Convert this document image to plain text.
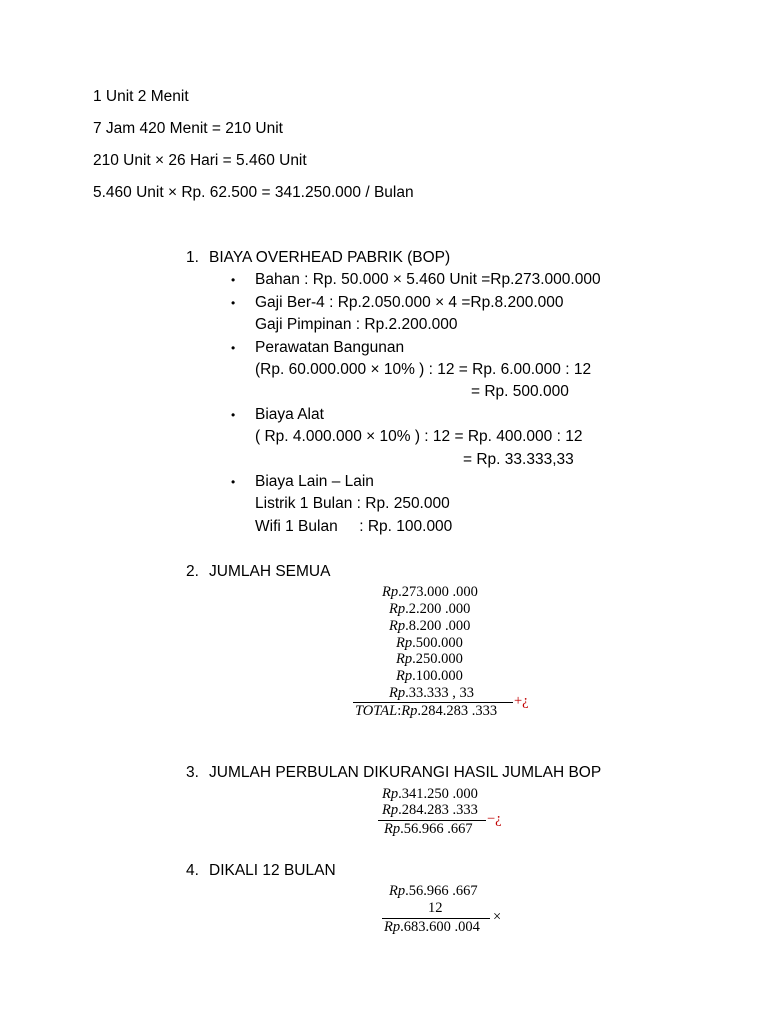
1 Unit 2 Menit
7 Jam 420 Menit = 210 Unit
210 Unit × 26 Hari = 5.460 Unit
5.460 Unit × Rp. 62.500 = 341.250.000 / Bulan
1. BIAYA OVERHEAD PABRIK (BOP)
• Bahan : Rp. 50.000 × 5.460 Unit =Rp.273.000.000
• Gaji Ber-4 : Rp.2.050.000 × 4 =Rp.8.200.000
Gaji Pimpinan : Rp.2.200.000
• Perawatan Bangunan
(Rp. 60.000.000 × 10% ) : 12 = Rp. 6.00.000 : 12
= Rp. 500.000
• Biaya Alat
( Rp. 4.000.000 × 10% ) : 12 = Rp. 400.000 : 12
= Rp. 33.333,33
• Biaya Lain – Lain
Listrik 1 Bulan : Rp. 250.000
Wifi 1 Bulan     : Rp. 100.000
2. JUMLAH SEMUA
Rp.273.000 .000
Rp.2.200 .000
Rp.8.200 .000
Rp.500.000
Rp.250.000
Rp.100.000
Rp.33.333 , 33	+¿
TOTAL:Rp.284.283 .333
3. JUMLAH PERBULAN DIKURANGI HASIL JUMLAH BOP
Rp.341.250 .000
Rp.284.283 .333
−¿
Rp.56.966 .667
4. DIKALI 12 BULAN
Rp.56.966 .667
12
×
Rp.683.600 .004
